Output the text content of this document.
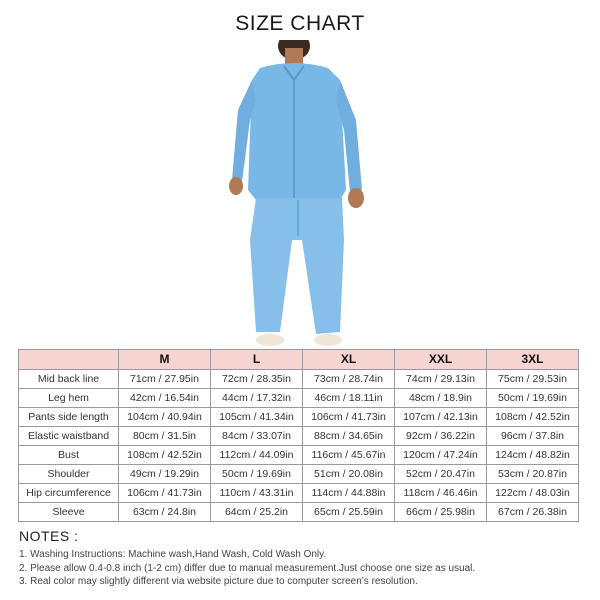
SIZE CHART
	M	L	XL	XXL	3XL
Mid back line	71cm / 27.95in	72cm / 28.35in	73cm / 28.74in	74cm / 29.13in	75cm / 29.53in
Leg hem	42cm / 16.54in	44cm / 17.32in	46cm / 18.11in	48cm / 18.9in	50cm / 19.69in
Pants side length	104cm / 40.94in	105cm / 41.34in	106cm / 41.73in	107cm / 42.13in	108cm / 42.52in
Elastic waistband	80cm / 31.5in	84cm / 33.07in	88cm / 34.65in	92cm / 36.22in	96cm / 37.8in
Bust	108cm / 42.52in	112cm / 44.09in	116cm / 45.67in	120cm / 47.24in	124cm / 48.82in
Shoulder	49cm / 19.29in	50cm / 19.69in	51cm / 20.08in	52cm / 20.47in	53cm / 20.87in
Hip circumference	106cm / 41.73in	110cm / 43.31in	114cm / 44.88in	118cm / 46.46in	122cm / 48.03in
Sleeve	63cm / 24.8in	64cm / 25.2in	65cm / 25.59in	66cm / 25.98in	67cm / 26.38in
NOTES :
1. Washing Instructions: Machine wash,Hand Wash, Cold Wash Only.
2. Please allow 0.4-0.8 inch (1-2 cm) differ due to manual measurement.Just choose one size as usual.
3. Real color may slightly different via website picture due to computer screen’s resolution.
